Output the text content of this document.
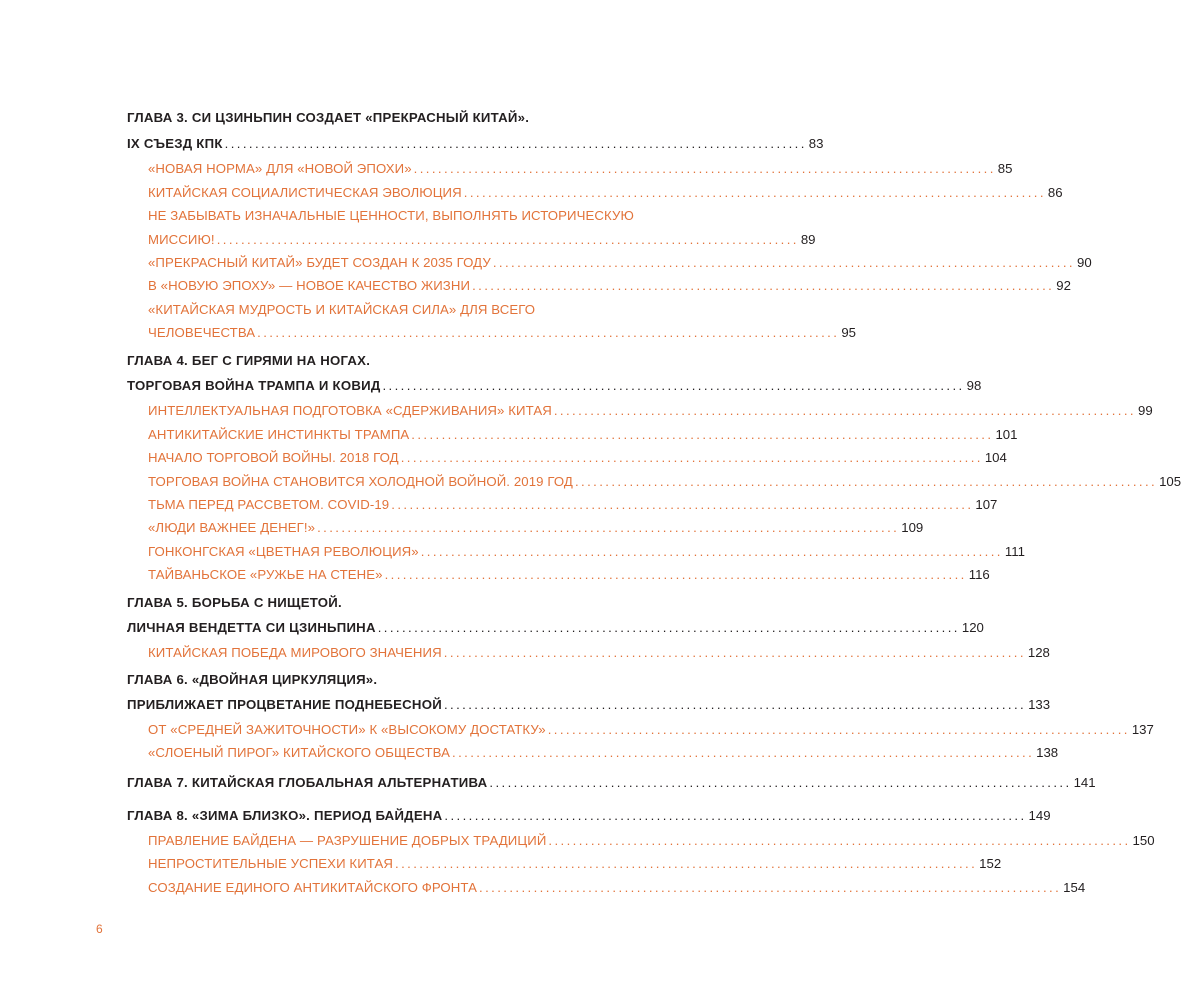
ГЛАВА 3. СИ ЦЗИНЬПИН СОЗДАЕТ «ПРЕКРАСНЫЙ КИТАЙ».
IX СЪЕЗД КПК ................................................................................................ 83
«НОВАЯ НОРМА» ДЛЯ «НОВОЙ ЭПОХИ» ................................................................................................ 85
КИТАЙСКАЯ СОЦИАЛИСТИЧЕСКАЯ ЭВОЛЮЦИЯ ................................................................................................ 86
НЕ ЗАБЫВАТЬ ИЗНАЧАЛЬНЫЕ ЦЕННОСТИ, ВЫПОЛНЯТЬ ИСТОРИЧЕСКУЮ
МИССИЮ! ................................................................................................ 89
«ПРЕКРАСНЫЙ КИТАЙ» БУДЕТ СОЗДАН К 2035 ГОДУ ................................................................................................ 90
В «НОВУЮ ЭПОХУ» — НОВОЕ КАЧЕСТВО ЖИЗНИ ................................................................................................ 92
«КИТАЙСКАЯ МУДРОСТЬ И КИТАЙСКАЯ СИЛА» ДЛЯ ВСЕГО
ЧЕЛОВЕЧЕСТВА ................................................................................................ 95
ГЛАВА 4. БЕГ С ГИРЯМИ НА НОГАХ.
ТОРГОВАЯ ВОЙНА ТРАМПА И КОВИД ................................................................................................ 98
ИНТЕЛЛЕКТУАЛЬНАЯ ПОДГОТОВКА «СДЕРЖИВАНИЯ» КИТАЯ ................................................................................................ 99
АНТИКИТАЙСКИЕ ИНСТИНКТЫ ТРАМПА ................................................................................................ 101
НАЧАЛО ТОРГОВОЙ ВОЙНЫ. 2018 ГОД ................................................................................................ 104
ТОРГОВАЯ ВОЙНА СТАНОВИТСЯ ХОЛОДНОЙ ВОЙНОЙ. 2019 ГОД ................................................................................................ 105
ТЬМА ПЕРЕД РАССВЕТОМ. COVID-19 ................................................................................................ 107
«ЛЮДИ ВАЖНЕЕ ДЕНЕГ!» ................................................................................................ 109
ГОНКОНГСКАЯ «ЦВЕТНАЯ РЕВОЛЮЦИЯ» ................................................................................................ 111
ТАЙВАНЬСКОЕ «РУЖЬЕ НА СТЕНЕ» ................................................................................................ 116
ГЛАВА 5. БОРЬБА С НИЩЕТОЙ.
ЛИЧНАЯ ВЕНДЕТТА СИ ЦЗИНЬПИНА ................................................................................................ 120
КИТАЙСКАЯ ПОБЕДА МИРОВОГО ЗНАЧЕНИЯ ................................................................................................ 128
ГЛАВА 6. «ДВОЙНАЯ ЦИРКУЛЯЦИЯ».
ПРИБЛИЖАЕТ ПРОЦВЕТАНИЕ ПОДНЕБЕСНОЙ ................................................................................................ 133
ОТ «СРЕДНЕЙ ЗАЖИТОЧНОСТИ» К «ВЫСОКОМУ ДОСТАТКУ» ................................................................................................ 137
«СЛОЕНЫЙ ПИРОГ» КИТАЙСКОГО ОБЩЕСТВА ................................................................................................ 138
ГЛАВА 7. КИТАЙСКАЯ ГЛОБАЛЬНАЯ АЛЬТЕРНАТИВА ................................................................................................ 141
ГЛАВА 8. «ЗИМА БЛИЗКО». ПЕРИОД БАЙДЕНА ................................................................................................ 149
ПРАВЛЕНИЕ БАЙДЕНА — РАЗРУШЕНИЕ ДОБРЫХ ТРАДИЦИЙ ................................................................................................ 150
НЕПРОСТИТЕЛЬНЫЕ УСПЕХИ КИТАЯ ................................................................................................ 152
СОЗДАНИЕ ЕДИНОГО АНТИКИТАЙСКОГО ФРОНТА ................................................................................................ 154
6
